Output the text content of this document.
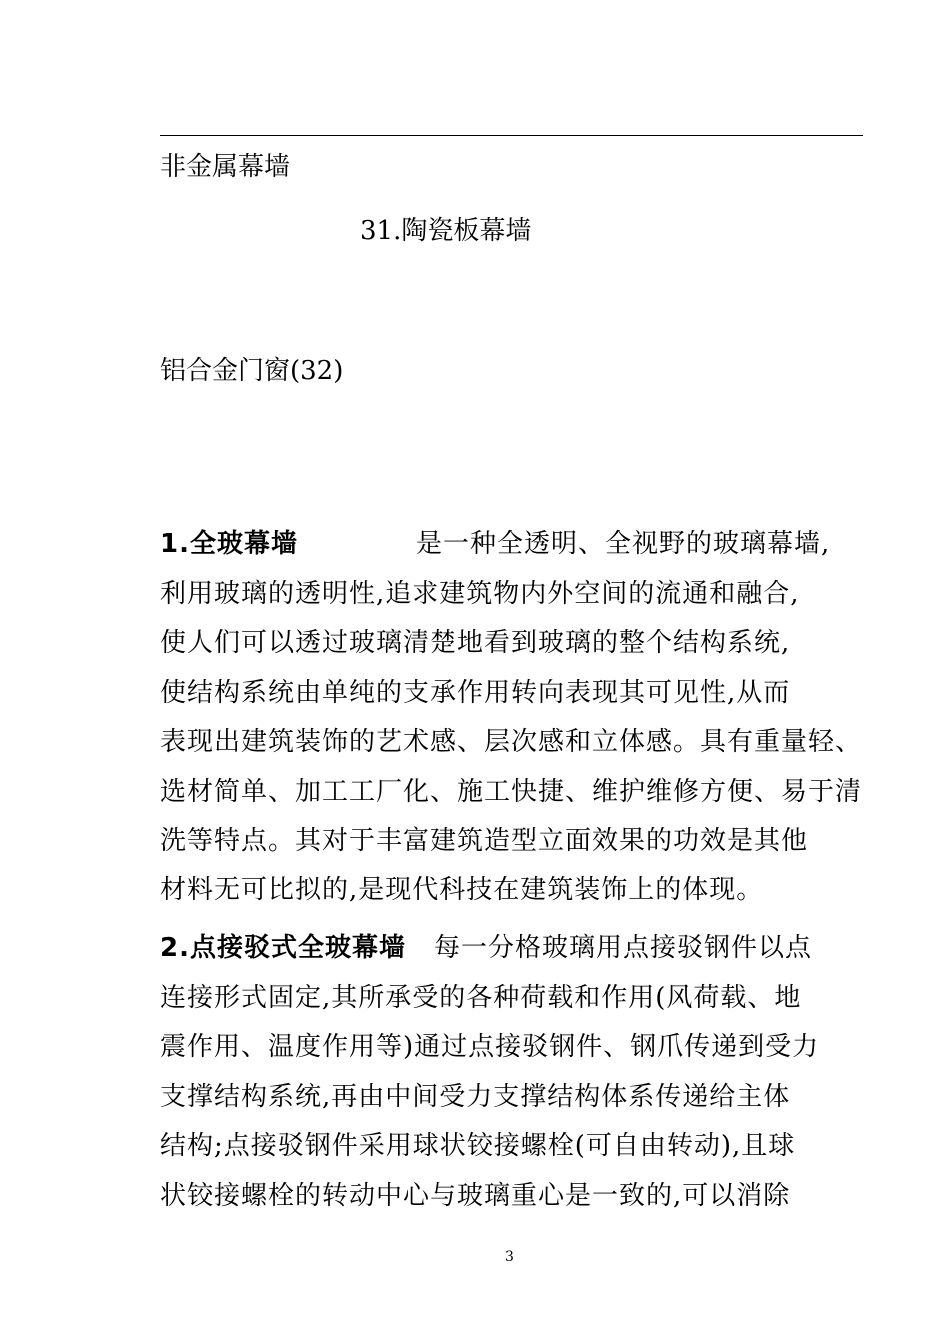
非金属幕墙
31.陶瓷板幕墙
铝合金门窗(32)
1.全玻幕墙	是一种全透明、全视野的玻璃幕墙,
利用玻璃的透明性,追求建筑物内外空间的流通和融合,
使人们可以透过玻璃清楚地看到玻璃的整个结构系统,
使结构系统由单纯的支承作用转向表现其可见性,从而
表现出建筑装饰的艺术感、层次感和立体感。具有重量轻、
选材简单、加工工厂化、施工快捷、维护维修方便、易于清
洗等特点。其对于丰富建筑造型立面效果的功效是其他
材料无可比拟的,是现代科技在建筑装饰上的体现。
2.点接驳式全玻幕墙 每一分格玻璃用点接驳钢件以点
连接形式固定,其所承受的各种荷载和作用(风荷载、地
震作用、温度作用等)通过点接驳钢件、钢爪传递到受力
支撑结构系统,再由中间受力支撑结构体系传递给主体
结构;点接驳钢件采用球状铰接螺栓(可自由转动),且球
状铰接螺栓的转动中心与玻璃重心是一致的,可以消除
3
